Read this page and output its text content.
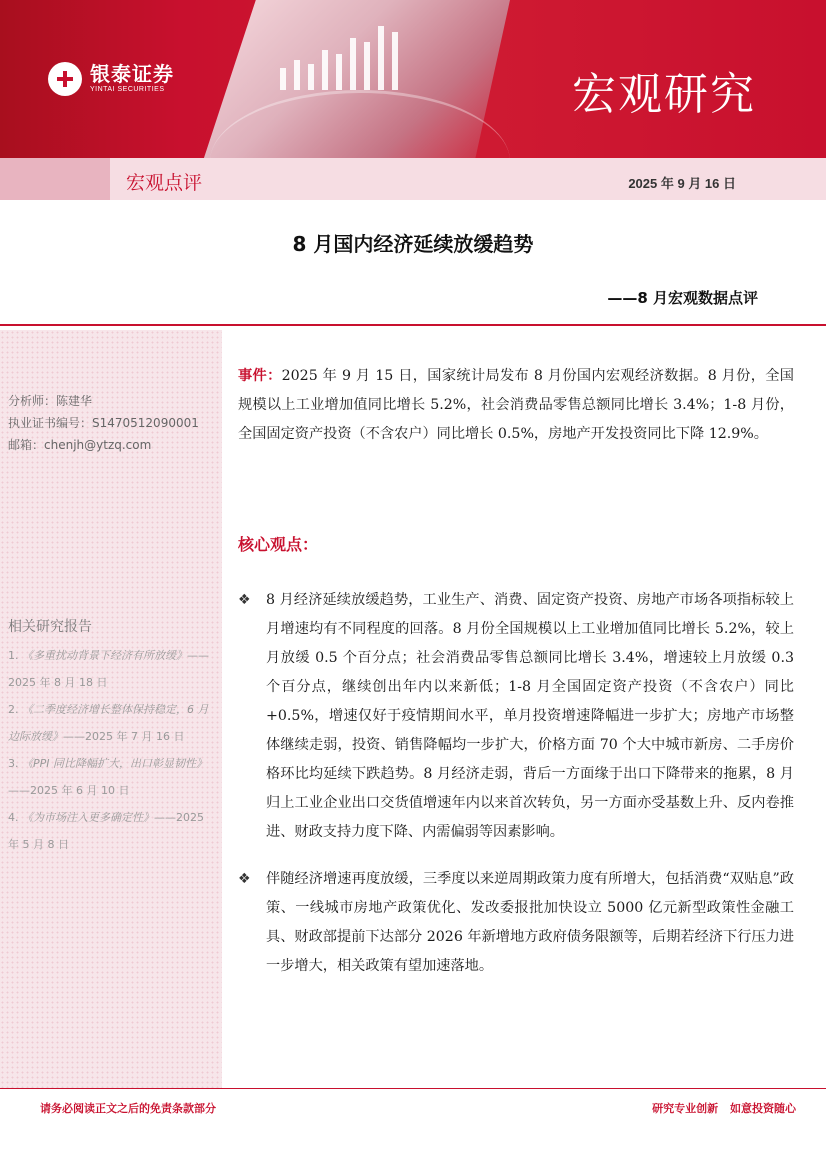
银泰证券
YINTAI SECURITIES	宏观研究
宏观点评	2025 年 9 月 16 日
8 月国内经济延续放缓趋势
——8 月宏观数据点评
分析师：陈建华
执业证书编号：S1470512090001
邮箱：chenjh@ytzq.com
相关研究报告
1. 《多重扰动背景下经济有所放缓》——2025 年 8 月 18 日
2. 《二季度经济增长整体保持稳定，6 月边际放缓》——2025 年 7 月 16 日
3. 《PPI 同比降幅扩大，出口彰显韧性》——2025 年 6 月 10 日
4. 《为市场注入更多确定性》——2025 年 5 月 8 日

事件：2025 年 9 月 15 日，国家统计局发布 8 月份国内宏观经济数据。8 月份，全国规模以上工业增加值同比增长 5.2%，社会消费品零售总额同比增长 3.4%；1-8 月份，全国固定资产投资（不含农户）同比增长 0.5%，房地产开发投资同比下降 12.9%。

核心观点：

❖ 8 月经济延续放缓趋势，工业生产、消费、固定资产投资、房地产市场各项指标较上月增速均有不同程度的回落。8 月份全国规模以上工业增加值同比增长 5.2%，较上月放缓 0.5 个百分点；社会消费品零售总额同比增长 3.4%，增速较上月放缓 0.3 个百分点，继续创出年内以来新低；1-8 月全国固定资产投资（不含农户）同比+0.5%，增速仅好于疫情期间水平，单月投资增速降幅进一步扩大；房地产市场整体继续走弱，投资、销售降幅均一步扩大，价格方面 70 个大中城市新房、二手房价格环比均延续下跌趋势。8 月经济走弱，背后一方面缘于出口下降带来的拖累，8 月归上工业企业出口交货值增速年内以来首次转负，另一方面亦受基数上升、反内卷推进、财政支持力度下降、内需偏弱等因素影响。

❖ 伴随经济增速再度放缓，三季度以来逆周期政策力度有所增大，包括消费“双贴息”政策、一线城市房地产政策优化、发改委报批加快设立 5000 亿元新型政策性金融工具、财政部提前下达部分 2026 年新增地方政府债务限额等，后期若经济下行压力进一步增大，相关政策有望加速落地。

请务必阅读正文之后的免责条款部分	研究专业创新 如意投资随心
